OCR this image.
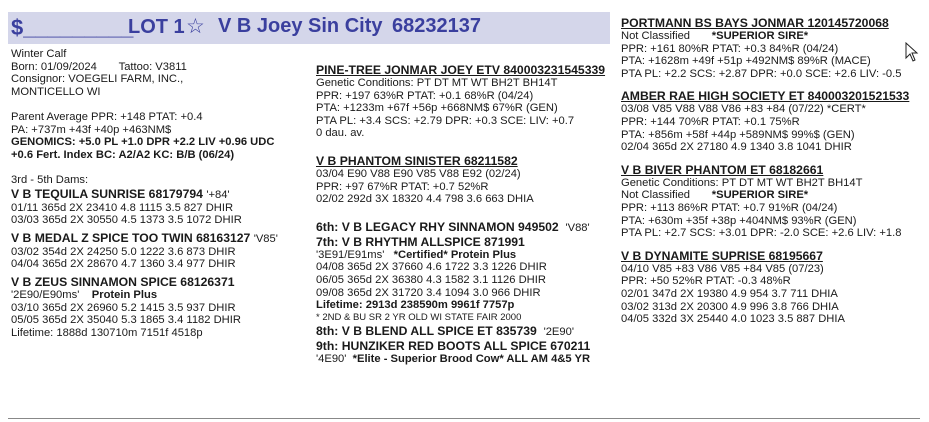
$_________
LOT 1 ☆ V B Joey Sin City 68232137
Winter Calf
Born: 01/09/2024 Tattoo: V3811
Consignor: VOEGELI FARM, INC.,
MONTICELLO WI
Parent Average PPR: +148 PTAT: +0.4
PA: +737m +43f +40p +463NM$
GENOMICS: +5.0 PL +1.0 DPR +2.2 LIV +0.96 UDC
+0.6 Fert. Index BC: A2/A2 KC: B/B (06/24)
3rd - 5th Dams:
V B TEQUILA SUNRISE 68179794 '+84'
01/11 365d 2X 23410 4.8 1115 3.5 827 DHIR
03/03 365d 2X 30550 4.5 1373 3.5 1072 DHIR
V B MEDAL Z SPICE TOO TWIN 68163127 'V85'
03/02 354d 2X 24250 5.0 1222 3.6 873 DHIR
04/04 365d 2X 28670 4.7 1360 3.4 977 DHIR
V B ZEUS SINNAMON SPICE 68126371
'2E90/E90ms' Protein Plus
03/10 365d 2X 26960 5.2 1415 3.5 937 DHIR
05/05 365d 2X 35040 5.3 1865 3.4 1182 DHIR
Lifetime: 1888d 130710m 7151f 4518p
PINE-TREE JONMAR JOEY ETV 840003231545339
Genetic Conditions: PT DT MT WT BH2T BH14T
PPR: +197 63%R PTAT: +0.1 68%R (04/24)
PTA: +1233m +67f +56p +668NM$ 67%R (GEN)
PTA PL: +3.4 SCS: +2.79 DPR: +0.3 SCE: LIV: +0.7
0 dau. av.
V B PHANTOM SINISTER 68211582
03/04 E90 V88 E90 V85 V88 E92 (02/24)
PPR: +97 67%R PTAT: +0.7 52%R
02/02 292d 3X 18320 4.4 798 3.6 663 DHIA
6th: V B LEGACY RHY SINNAMON 949502 'V88'
7th: V B RHYTHM ALLSPICE 871991
'3E91/E91ms' *Certified* Protein Plus
04/08 365d 2X 37660 4.6 1722 3.3 1226 DHIR
06/05 365d 2X 36380 4.3 1582 3.1 1126 DHIR
09/08 365d 2X 31720 3.4 1094 3.0 966 DHIR
Lifetime: 2913d 238590m 9961f 7757p
* 2ND & BU SR 2 YR OLD WI STATE FAIR 2000
8th: V B BLEND ALL SPICE ET 835739 '2E90'
9th: HUNZIKER RED BOOTS ALL SPICE 670211
'4E90' *Elite - Superior Brood Cow* ALL AM 4&5 YR
PORTMANN BS BAYS JONMAR 120145720068
Not Classified *SUPERIOR SIRE*
PPR: +161 80%R PTAT: +0.3 84%R (04/24)
PTA: +1628m +49f +51p +492NM$ 89%R (MACE)
PTA PL: +2.2 SCS: +2.87 DPR: +0.0 SCE: +2.6 LIV: -0.5
AMBER RAE HIGH SOCIETY ET 840003201521533
03/08 V85 V88 V88 V86 +83 +84 (07/22) *CERT*
PPR: +144 70%R PTAT: +0.1 75%R
PTA: +856m +58f +44p +589NM$ 99%$ (GEN)
02/04 365d 2X 27180 4.9 1340 3.8 1041 DHIR
V B BIVER PHANTOM ET 68182661
Genetic Conditions: PT DT MT WT BH2T BH14T
Not Classified *SUPERIOR SIRE*
PPR: +113 86%R PTAT: +0.7 91%R (04/24)
PTA: +630m +35f +38p +404NM$ 93%R (GEN)
PTA PL: +2.7 SCS: +3.01 DPR: -2.0 SCE: +2.6 LIV: +1.8
V B DYNAMITE SUPRISE 68195667
04/10 V85 +83 V86 V85 +84 V85 (07/23)
PPR: +50 52%R PTAT: -0.3 48%R
02/01 347d 2X 19380 4.9 954 3.7 711 DHIA
03/02 313d 2X 20300 4.9 996 3.8 766 DHIA
04/05 332d 3X 25440 4.0 1023 3.5 887 DHIA
